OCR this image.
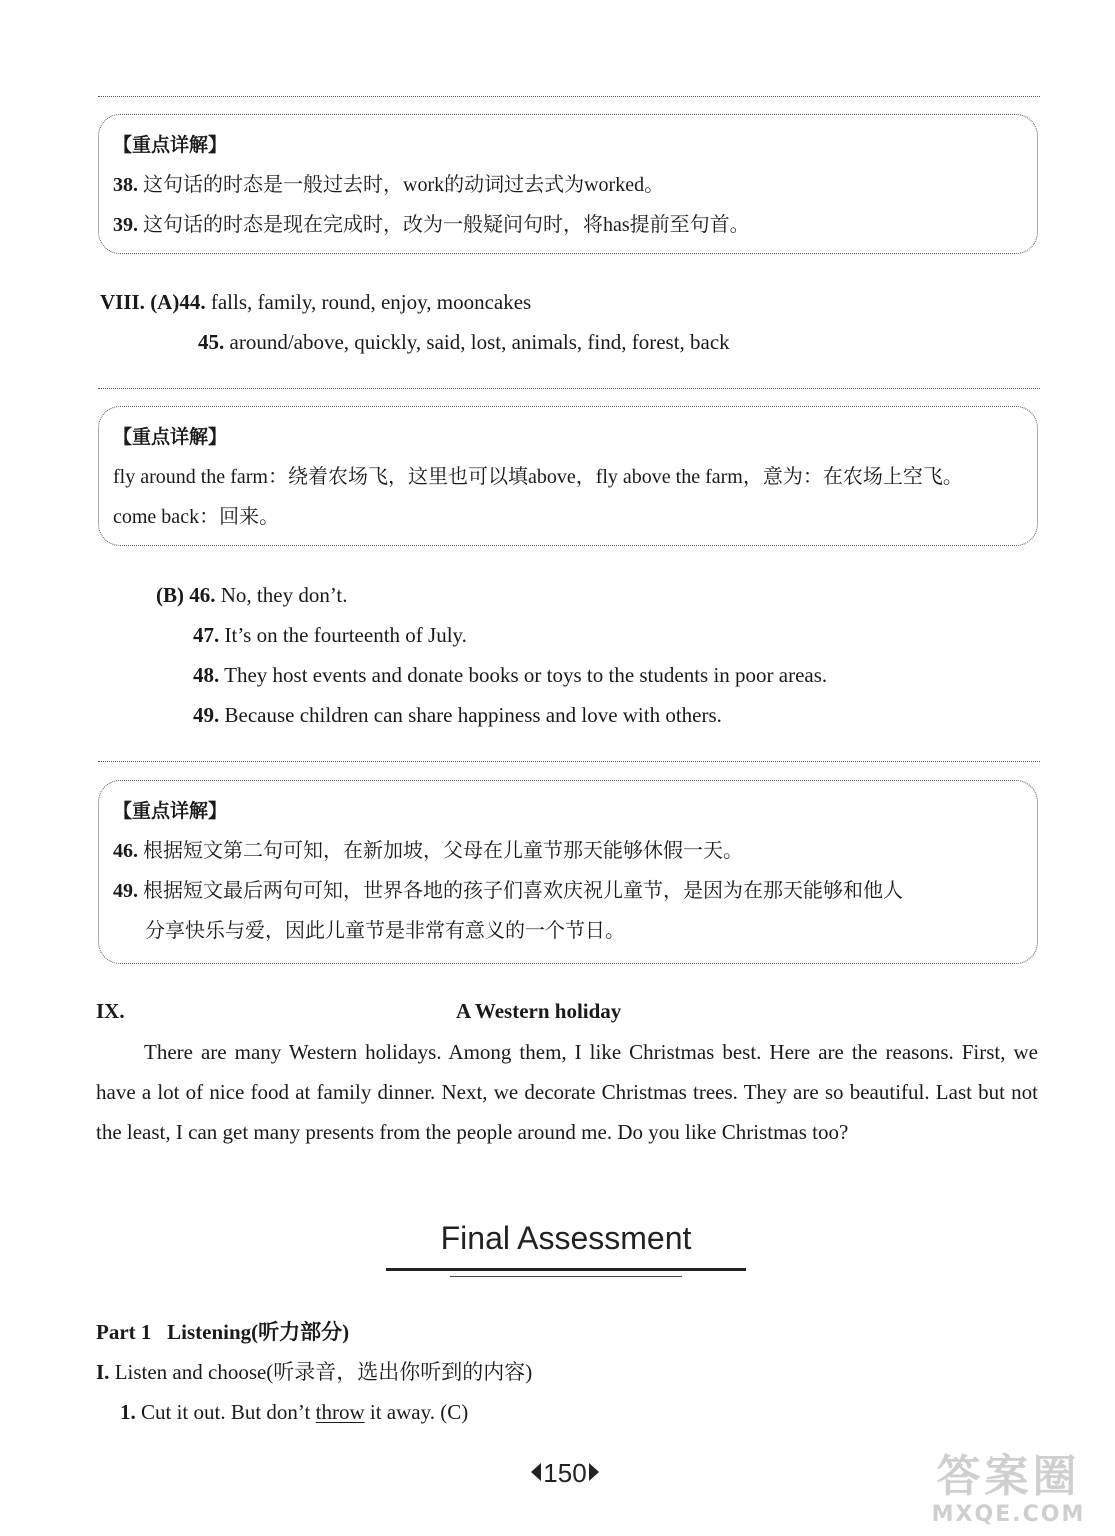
【重点详解】
38. 这句话的时态是一般过去时，work的动词过去式为worked。
39. 这句话的时态是现在完成时，改为一般疑问句时，将has提前至句首。
VIII. (A)44. falls, family, round, enjoy, mooncakes
45. around/above, quickly, said, lost, animals, find, forest, back
【重点详解】
fly around the farm：绕着农场飞，这里也可以填above，fly above the farm，意为：在农场上空飞。
come back：回来。
(B) 46. No, they don’t.
47. It’s on the fourteenth of July.
48. They host events and donate books or toys to the students in poor areas.
49. Because children can share happiness and love with others.
【重点详解】
46. 根据短文第二句可知，在新加坡，父母在儿童节那天能够休假一天。
49. 根据短文最后两句可知，世界各地的孩子们喜欢庆祝儿童节，是因为在那天能够和他人
分享快乐与爱，因此儿童节是非常有意义的一个节日。
IX.	A Western holiday

There are many Western holidays. Among them, I like Christmas best. Here are the reasons. First, we have a lot of nice food at family dinner. Next, we decorate Christmas trees. They are so beautiful. Last but not the least, I can get many presents from the people around me. Do you like Christmas too?

Final Assessment
Part 1 Listening(听力部分)
I. Listen and choose(听录音，选出你听到的内容)
1. Cut it out. But don’t throw it away. (C)
150	答案圈
MXQE.COM
